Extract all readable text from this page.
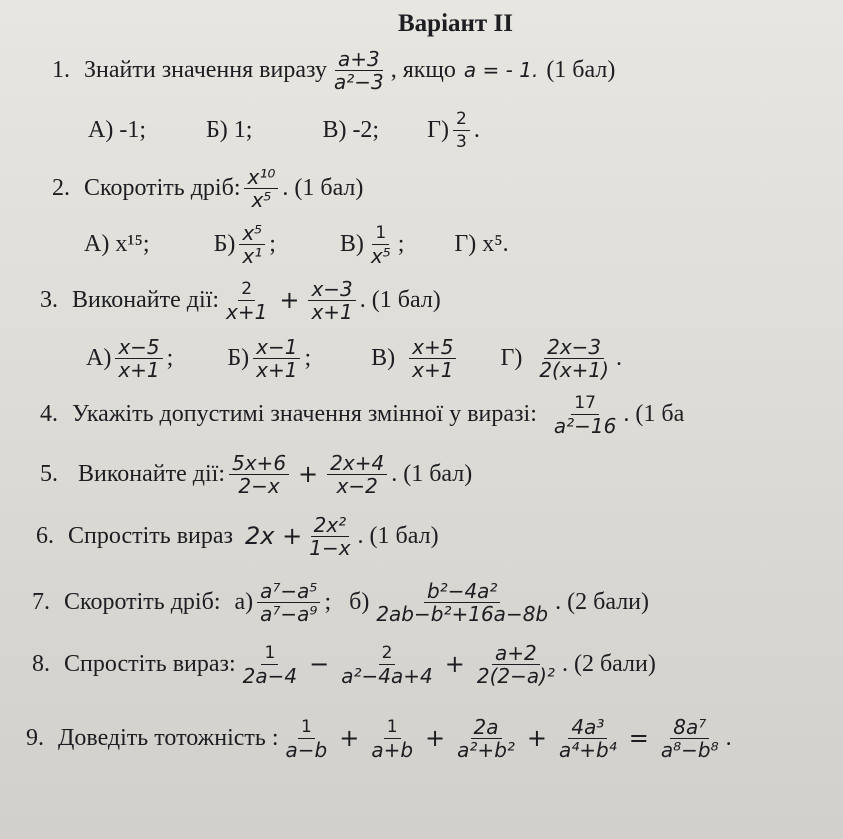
Варіант II
1. Знайти значення виразу $\frac{a+3}{\text{a²−3}}$ , якщо a = - 1. (1 бал)
А) -1;	Б) 1;	В) -2; $Г) \frac{2}{3}$ .
2. Скоротіть дріб: $\frac{\text{x¹⁰}}{\text{x⁵}}$ . (1 бал)
А) x¹⁵;	$Б) \frac{\text{x⁵}}{\text{x¹}}$ ;	$В) \frac{1}{\text{x⁵}}$ ; Г) x⁵.
3. Виконайте дії: $\frac{2}{x+1} + \frac{x-3}{x+1}$ . (1 бал)
$А) \frac{x-5}{x+1}$ ; $Б) \frac{x-1}{x+1}$ ;	$В) \frac{x+5}{x+1} Г) \frac{2x-3}{2(x+1)}$ .
4. Укажіть допустимі значення змінної у виразі: $\frac{17}{\text{a²−16}}$ . (1 ба
5. Виконайте дії: $\frac{5x+6}{2-x} + \frac{2x+4}{x-2}$ . (1 бал)
6. Спростіть вираз $2x + \frac{\text{2x²}}{1-x}$ . (1 бал)
7. Скоротіть дріб: $а) \frac{\text{a⁷−a⁵}}{\text{a⁷−a⁹}}$ ; $б) \frac{\text{b²−4a²}}{\text{2ab−b²+16a−8b}}$ . (2 бали)
8. Спростіть вираз: $\frac{1}{2a-4} - \frac{2}{\text{a²−4a+4}} + \frac{a+2}{\text{2(2−a)²}}$ . (2 бали)
9. Доведіть тотожність : $\frac{1}{a-b} + \frac{1}{a+b} + \frac{2a}{\text{a²+b²}} + \frac{\text{4a³}}{\text{a⁴+b⁴}} = \frac{\text{8a⁷}}{\text{a⁸−b⁸}}$ .
